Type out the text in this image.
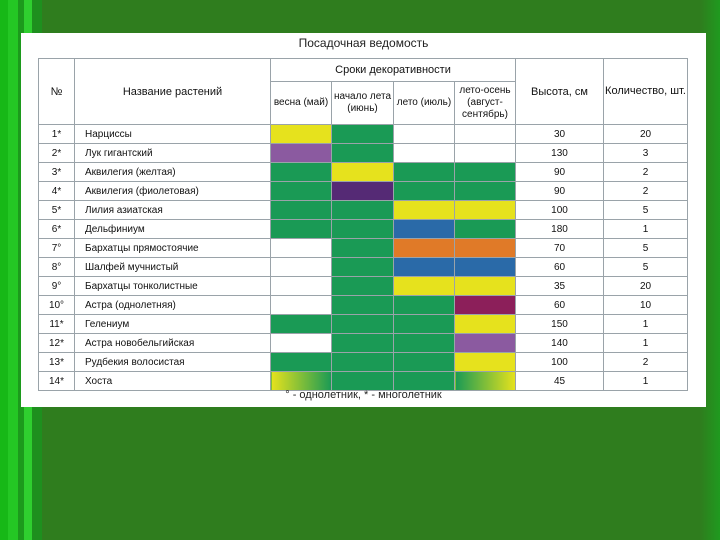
Посадочная ведомость
№	Название растений	Сроки декоративности				Высота, см	Количество, шт.
		весна (май)	начало лета (июнь)	лето (июль)	лето-осень (август-сентябрь)		
1*	Нарциссы					30	20
2*	Лук гигантский					130	3
3*	Аквилегия (желтая)					90	2
4*	Аквилегия (фиолетовая)					90	2
5*	Лилия азиатская					100	5
6*	Дельфиниум					180	1
7°	Бархатцы прямостоячие					70	5
8°	Шалфей мучнистый					60	5
9°	Бархатцы тонколистные					35	20
10°	Астра (однолетняя)					60	10
11*	Гелениум					150	1
12*	Астра новобельгийская					140	1
13*	Рудбекия волосистая					100	2
14*	Хоста					45	1
° - однолетник, * - многолетник
